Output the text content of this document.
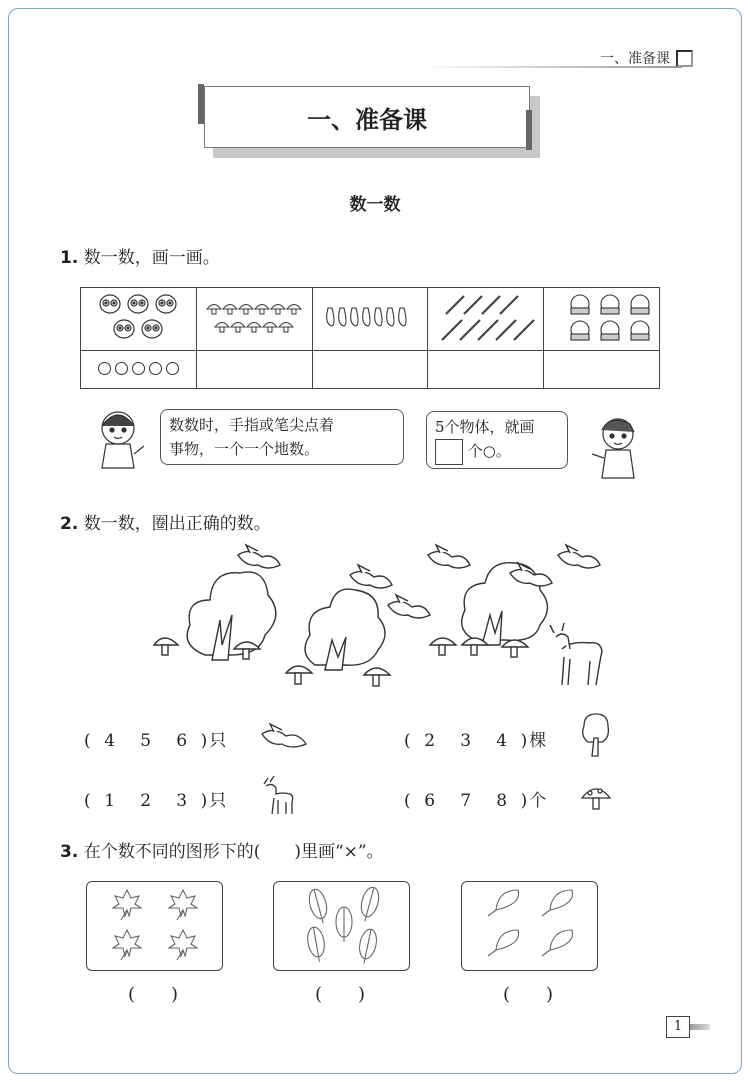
一、准备课
一、准备课
数一数
1. 数一数，画一画。

数数时，手指或笔尖点着
事物，一个一个地数。
5个物体，就画
个○。
2. 数一数，圈出正确的数。
( 4 5 6 )只	( 2 3 4 )棵
( 1 2 3 )只	( 6 7 8 )个
3. 在个数不同的图形下的(　　)里画“×”。
(　　)	(　　)	(　　)
1
